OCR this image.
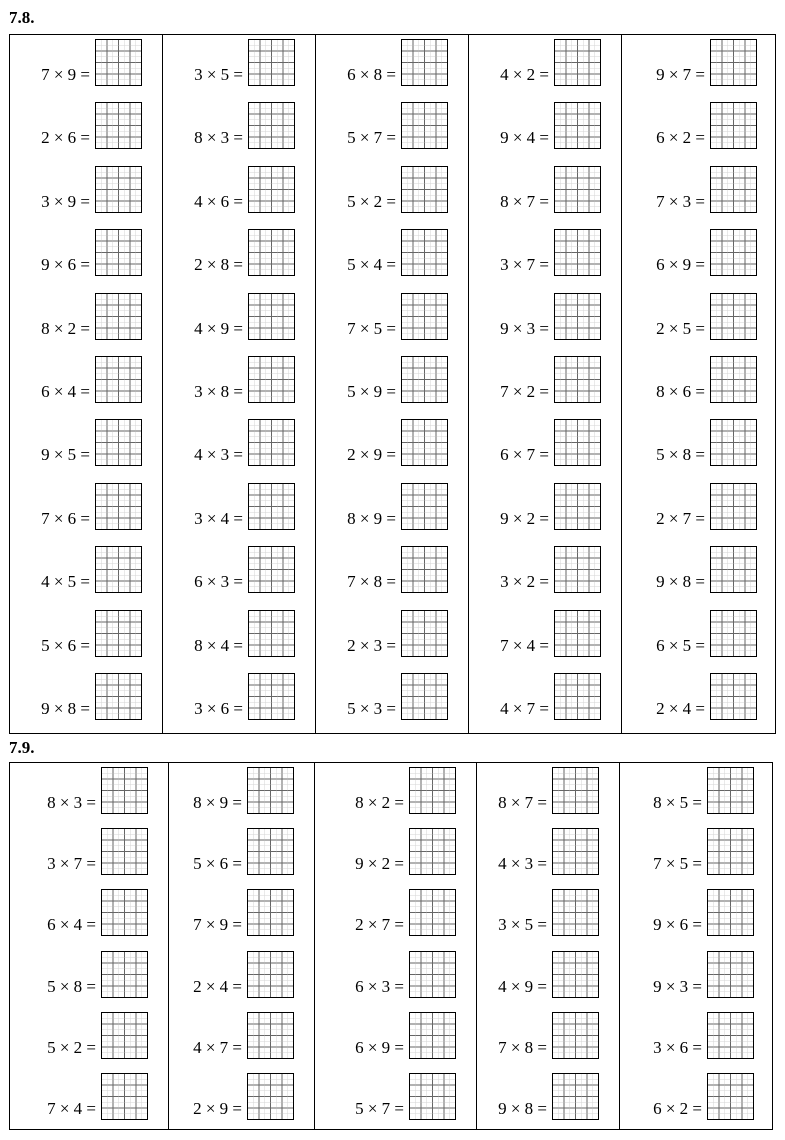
7.8.
7 × 9 =
2 × 6 =
3 × 9 =
9 × 6 =
8 × 2 =
6 × 4 =
9 × 5 =
7 × 6 =
4 × 5 =
5 × 6 =
9 × 8 =
3 × 5 =
8 × 3 =
4 × 6 =
2 × 8 =
4 × 9 =
3 × 8 =
4 × 3 =
3 × 4 =
6 × 3 =
8 × 4 =
3 × 6 =
6 × 8 =
5 × 7 =
5 × 2 =
5 × 4 =
7 × 5 =
5 × 9 =
2 × 9 =
8 × 9 =
7 × 8 =
2 × 3 =
5 × 3 =
4 × 2 =
9 × 4 =
8 × 7 =
3 × 7 =
9 × 3 =
7 × 2 =
6 × 7 =
9 × 2 =
3 × 2 =
7 × 4 =
4 × 7 =
9 × 7 =
6 × 2 =
7 × 3 =
6 × 9 =
2 × 5 =
8 × 6 =
5 × 8 =
2 × 7 =
9 × 8 =
6 × 5 =
2 × 4 =
7.9.
8 × 3 =
3 × 7 =
6 × 4 =
5 × 8 =
5 × 2 =
7 × 4 =
8 × 9 =
5 × 6 =
7 × 9 =
2 × 4 =
4 × 7 =
2 × 9 =
8 × 2 =
9 × 2 =
2 × 7 =
6 × 3 =
6 × 9 =
5 × 7 =
8 × 7 =
4 × 3 =
3 × 5 =
4 × 9 =
7 × 8 =
9 × 8 =
8 × 5 =
7 × 5 =
9 × 6 =
9 × 3 =
3 × 6 =
6 × 2 =
